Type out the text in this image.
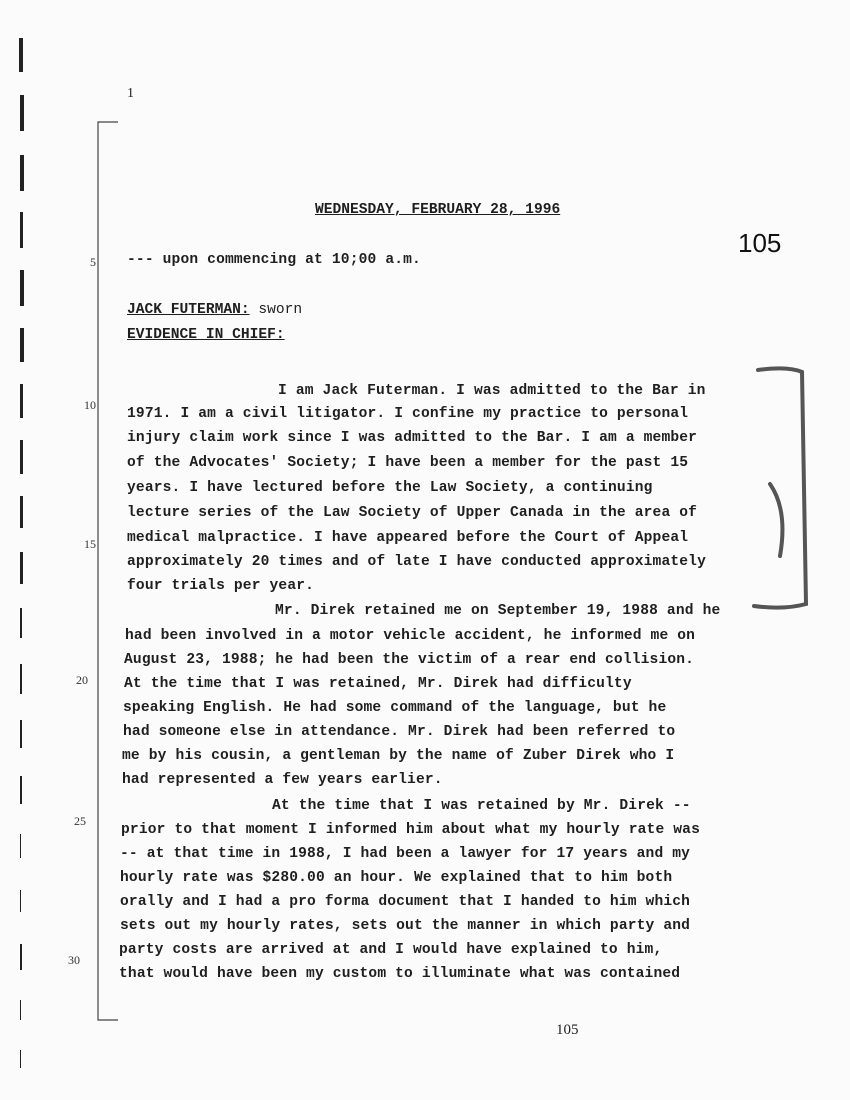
1
5
10
15
20
25
30
105
WEDNESDAY, FEBRUARY 28, 1996
--- upon commencing at 10;00 a.m.
JACK FUTERMAN: sworn
EVIDENCE IN CHIEF:
I am Jack Futerman. I was admitted to the Bar in
1971. I am a civil litigator. I confine my practice to personal
injury claim work since I was admitted to the Bar. I am a member
of the Advocates' Society; I have been a member for the past 15
years. I have lectured before the Law Society, a continuing
lecture series of the Law Society of Upper Canada in the area of
medical malpractice. I have appeared before the Court of Appeal
approximately 20 times and of late I have conducted approximately
four trials per year.
Mr. Direk retained me on September 19, 1988 and he
had been involved in a motor vehicle accident, he informed me on
August 23, 1988; he had been the victim of a rear end collision.
At the time that I was retained, Mr. Direk had difficulty
speaking English. He had some command of the language, but he
had someone else in attendance. Mr. Direk had been referred to
me by his cousin, a gentleman by the name of Zuber Direk who I
had represented a few years earlier.
At the time that I was retained by Mr. Direk --
prior to that moment I informed him about what my hourly rate was
-- at that time in 1988, I had been a lawyer for 17 years and my
hourly rate was $280.00 an hour. We explained that to him both
orally and I had a pro forma document that I handed to him which
sets out my hourly rates, sets out the manner in which party and
party costs are arrived at and I would have explained to him,
that would have been my custom to illuminate what was contained
105
